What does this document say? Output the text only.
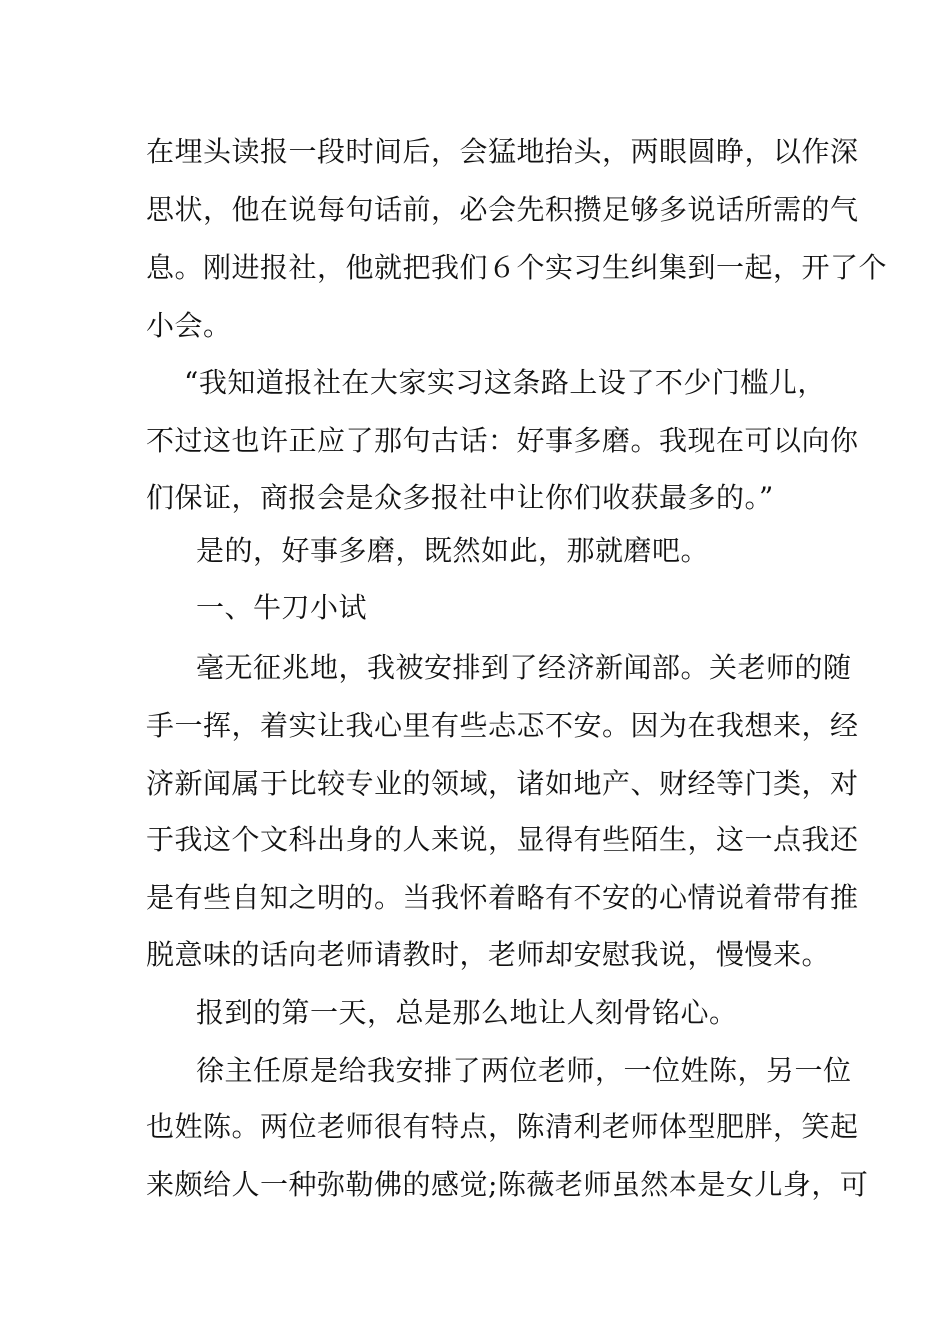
在埋头读报一段时间后，会猛地抬头，两眼圆睁，以作深
思状，他在说每句话前，必会先积攒足够多说话所需的气
息。刚进报社，他就把我们６个实习生纠集到一起，开了个
小会。
“我知道报社在大家实习这条路上设了不少门槛儿，
不过这也许正应了那句古话：好事多磨。我现在可以向你
们保证，商报会是众多报社中让你们收获最多的。”
是的，好事多磨，既然如此，那就磨吧。
一、牛刀小试
毫无征兆地，我被安排到了经济新闻部。关老师的随
手一挥，着实让我心里有些忐忑不安。因为在我想来，经
济新闻属于比较专业的领域，诸如地产、财经等门类，对
于我这个文科出身的人来说，显得有些陌生，这一点我还
是有些自知之明的。当我怀着略有不安的心情说着带有推
脱意味的话向老师请教时，老师却安慰我说，慢慢来。
报到的第一天，总是那么地让人刻骨铭心。
徐主任原是给我安排了两位老师，一位姓陈，另一位
也姓陈。两位老师很有特点，陈清利老师体型肥胖，笑起
来颇给人一种弥勒佛的感觉;陈薇老师虽然本是女儿身，可
